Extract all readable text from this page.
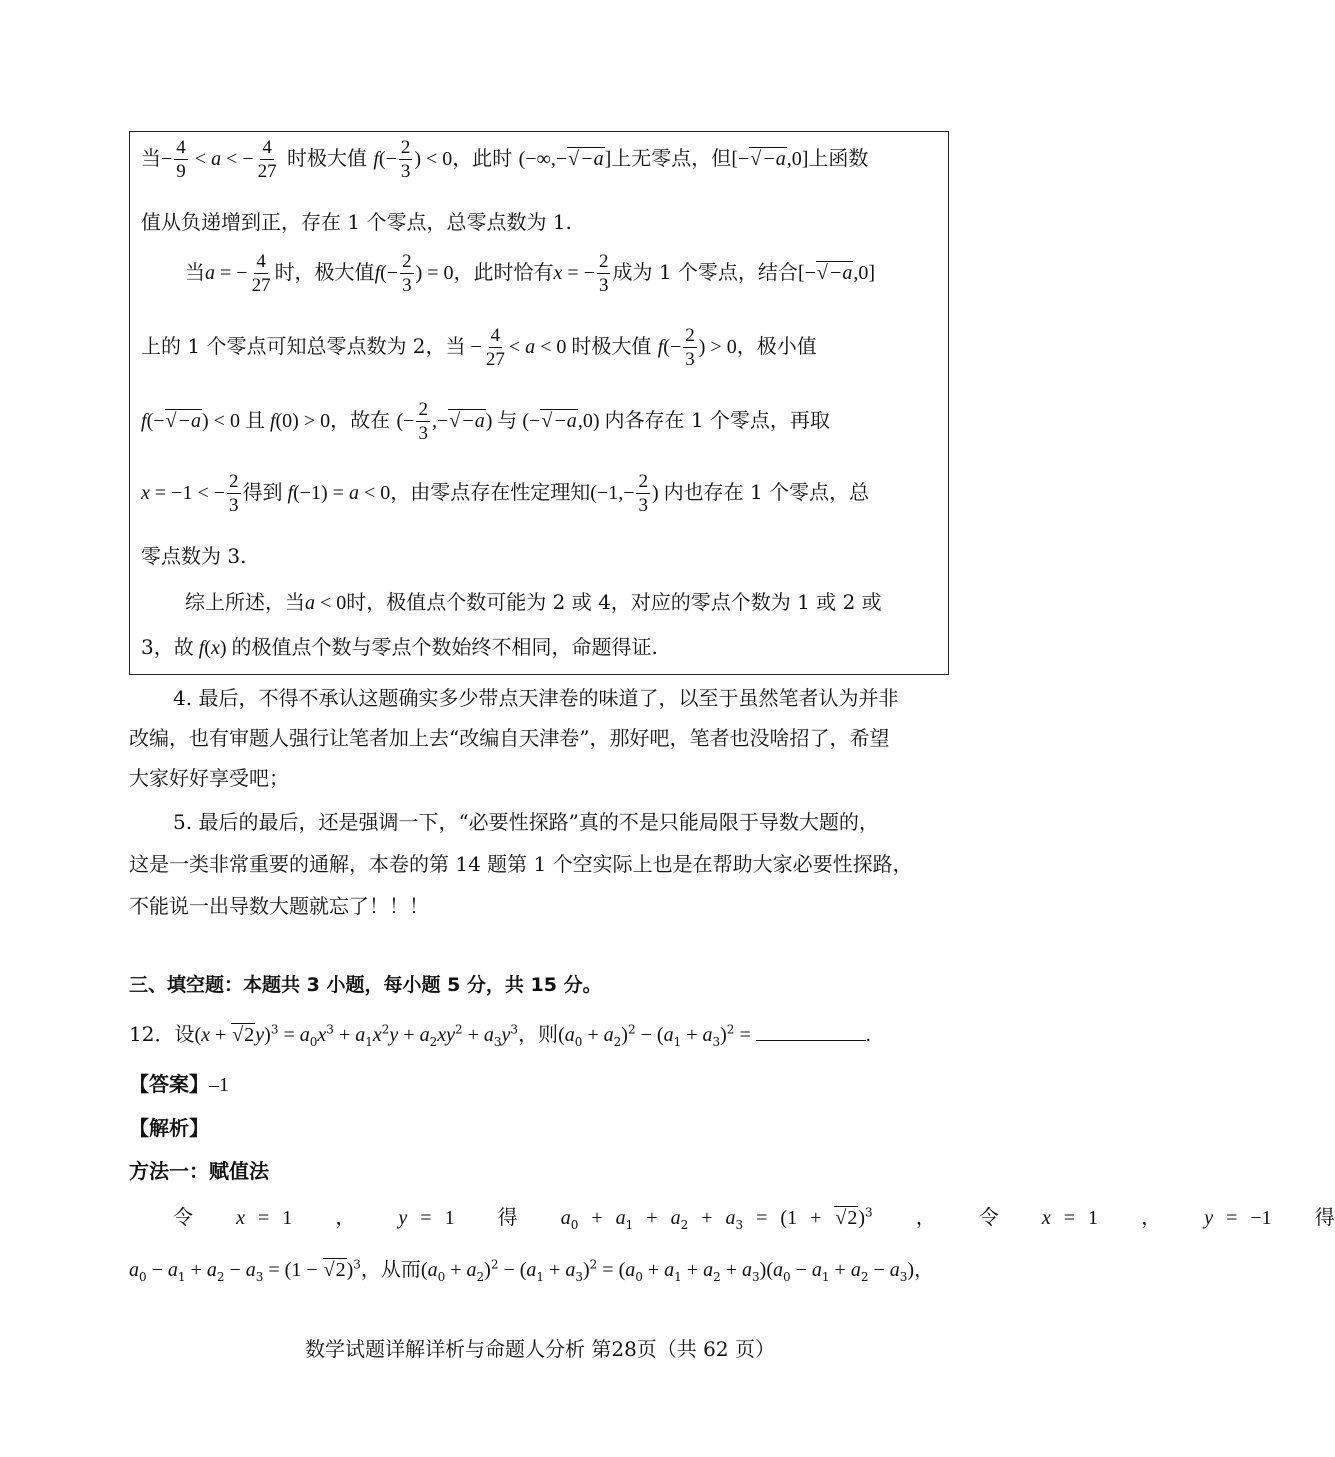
当− $\frac{4}{9} < a$ < − $\frac{4}{27}$ 时极大值 $f(- \frac{2}{3}$ ) < 0，此时 (−∞,− √ −a]上无零点，但[− √ −a,0]上函数
值从负递增到正，存在 1 个零点，总零点数为 1.
当a = − $\frac{4}{27}$ 时，极大值$f(- \frac{2}{3}$ ) = 0，此时恰有x = − $\frac{2}{3}$ 成为 1 个零点，结合[− √ −a,0]
上的 1 个零点可知总零点数为 2，当 − $\frac{4}{27} < a < 0$ 时极大值 $f(- \frac{2}{3}$ ) > 0，极小值
f(− √ −a) < 0 且 f(0) > 0，故在 (− $\frac{2}{3}$ ,− √ −a) 与 (− √ −a,0) 内各存在 1 个零点，再取
x = −1 < − $\frac{2}{3}$ 得到 f(−1) = a < 0，由零点存在性定理知($-1,- \frac{2}{3}$ ) 内也存在 1 个零点，总
零点数为 3.
综上所述，当a < 0时，极值点个数可能为 2 或 4，对应的零点个数为 1 或 2 或
3，故 f(x) 的极值点个数与零点个数始终不相同，命题得证.
4. 最后，不得不承认这题确实多少带点天津卷的味道了，以至于虽然笔者认为并非
改编，也有审题人强行让笔者加上去“改编自天津卷”，那好吧，笔者也没啥招了，希望
大家好好享受吧；
5. 最后的最后，还是强调一下，“必要性探路”真的不是只能局限于导数大题的，
这是一类非常重要的通解，本卷的第 14 题第 1 个空实际上也是在帮助大家必要性探路，
不能说一出导数大题就忘了！！！
三、填空题：本题共 3 小题，每小题 5 分，共 15 分。
12．设(x + √ $2y)^3 = a_0x^3 + a_1x^2y + a_2xy^2 + a_3y^3$，则$(a_0 + a_2)^2 - (a_1 + a_3)^2$ =	.
【答案】–1
【解析】
方法一：赋值法
令 x = 1   ，   y = 1 得 $a_0 + a_1 + a_2 + a_3 = (1$ + √ 2)$^3$   ，   令 x = 1   ，   y = −1 得
$a_0 - a_1 + a_2 - a_3 = (1$ − √ 2)$^3$，从而$(a_0 + a_2)^2 - (a_1 + a_3)^2 = (a_0 + a_1 + a_2 + a_3)(a_0 - a_1 + a_2 - a_3)$，
数学试题详解详析与命题人分析 第28页（共 62 页）
